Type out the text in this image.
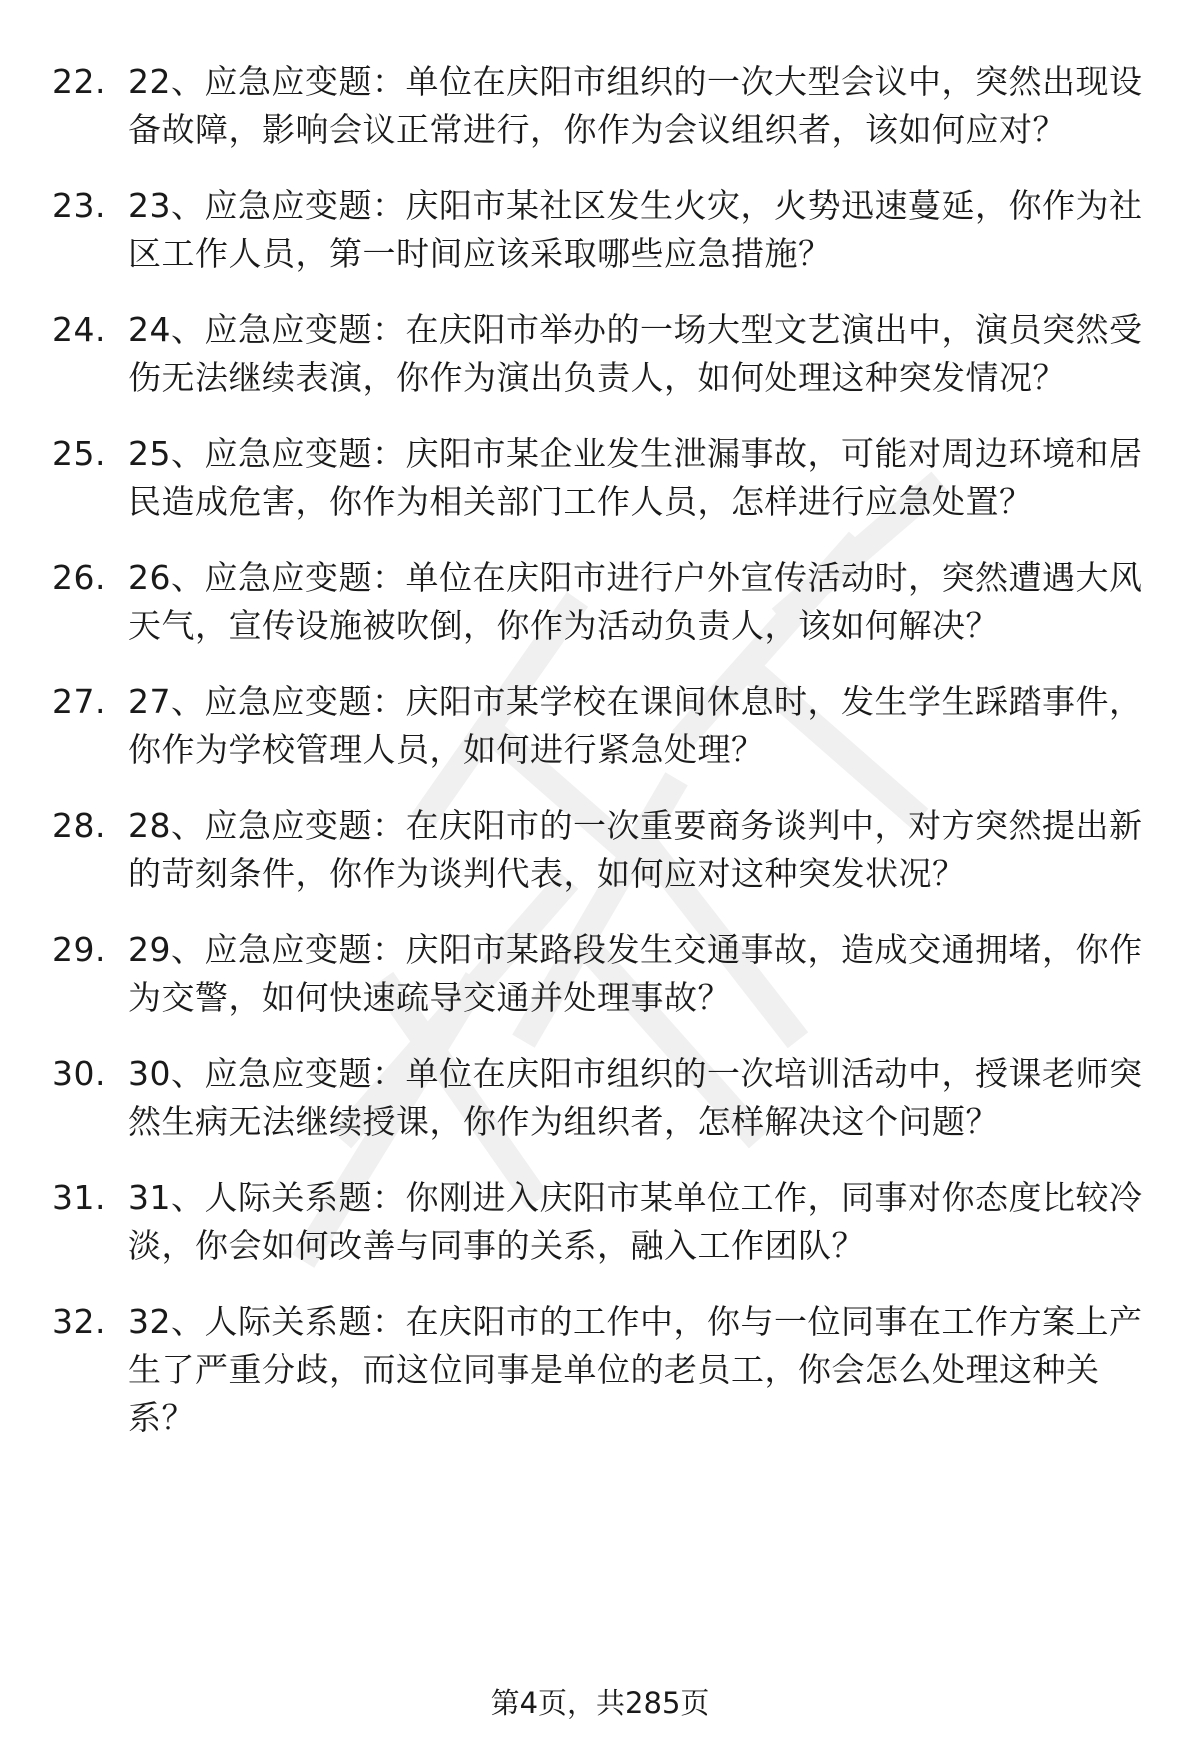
22. 22、应急应变题：单位在庆阳市组织的一次大型会议中，突然出现设备故障，影响会议正常进行，你作为会议组织者，该如何应对？
23. 23、应急应变题：庆阳市某社区发生火灾，火势迅速蔓延，你作为社区工作人员，第一时间应该采取哪些应急措施？
24. 24、应急应变题：在庆阳市举办的一场大型文艺演出中，演员突然受伤无法继续表演，你作为演出负责人，如何处理这种突发情况？
25. 25、应急应变题：庆阳市某企业发生泄漏事故，可能对周边环境和居民造成危害，你作为相关部门工作人员，怎样进行应急处置？
26. 26、应急应变题：单位在庆阳市进行户外宣传活动时，突然遭遇大风天气，宣传设施被吹倒，你作为活动负责人，该如何解决？
27. 27、应急应变题：庆阳市某学校在课间休息时，发生学生踩踏事件，你作为学校管理人员，如何进行紧急处理？
28. 28、应急应变题：在庆阳市的一次重要商务谈判中，对方突然提出新的苛刻条件，你作为谈判代表，如何应对这种突发状况？
29. 29、应急应变题：庆阳市某路段发生交通事故，造成交通拥堵，你作为交警，如何快速疏导交通并处理事故？
30. 30、应急应变题：单位在庆阳市组织的一次培训活动中，授课老师突然生病无法继续授课，你作为组织者，怎样解决这个问题？
31. 31、人际关系题：你刚进入庆阳市某单位工作，同事对你态度比较冷淡，你会如何改善与同事的关系，融入工作团队？
32. 32、人际关系题：在庆阳市的工作中，你与一位同事在工作方案上产生了严重分歧，而这位同事是单位的老员工，你会怎么处理这种关系？
第4页，共285页
